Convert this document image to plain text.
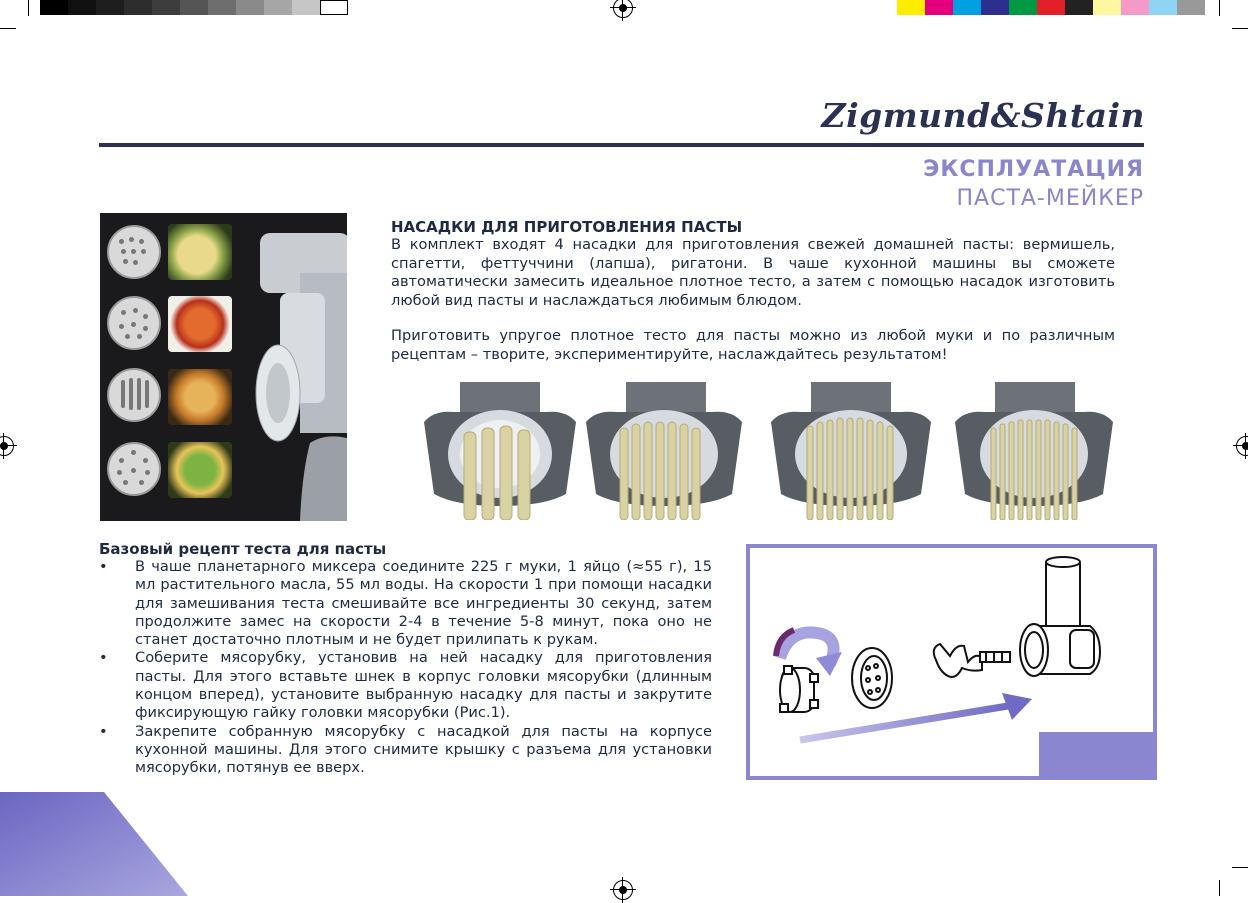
Zigmund&Shtain
ЭКСПЛУАТАЦИЯ
ПАСТА-МЕЙКЕР
НАСАДКИ ДЛЯ ПРИГОТОВЛЕНИЯ ПАСТЫ
В комплект входят 4 насадки для приготовления свежей домашней пасты: вермишель, спагетти, феттуччини (лапша), ригатони. В чаше кухонной машины вы сможете автоматически замесить идеальное плотное тесто, а затем с помощью насадок изготовить любой вид пасты и наслаждаться любимым блюдом.
Приготовить упругое плотное тесто для пасты можно из любой муки и по различным рецептам – творите, экспериментируйте, наслаждайтесь результатом!
Базовый рецепт теста для пасты
• В чаше планетарного миксера соедините 225 г муки, 1 яйцо (≈55 г), 15 мл растительного масла, 55 мл воды. На скорости 1 при помощи насадки для замешивания теста смешивайте все ингредиенты 30 секунд, затем продолжите замес на скорости 2-4 в течение 5-8 минут, пока оно не станет достаточно плотным и не будет прилипать к рукам.
• Соберите мясорубку, установив на ней насадку для приготовления пасты. Для этого вставьте шнек в корпус головки мясорубки (длинным концом вперед), установите выбранную насадку для пасты и закрутите фиксирующую гайку головки мясорубки (Рис.1).
• Закрепите собранную мясорубку с насадкой для пасты на корпусе кухонной машины. Для этого снимите крышку с разъема для установки мясорубки, потянув ее вверх.
